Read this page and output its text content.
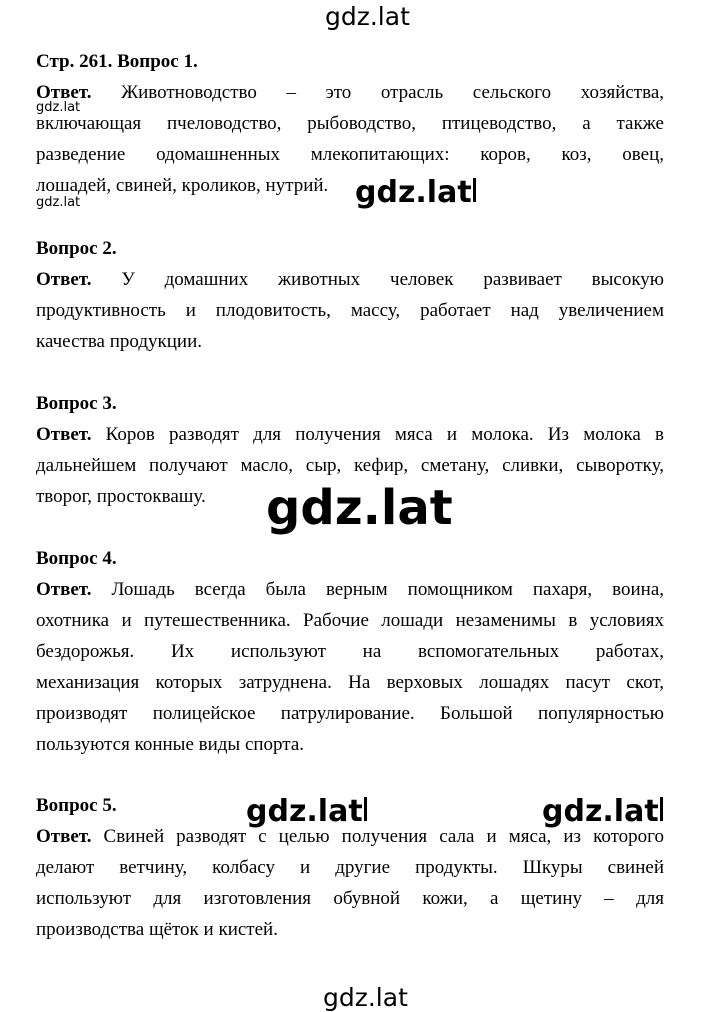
Стр. 261. Вопрос 1.
Ответ. Животноводство – это отрасль сельского хозяйства,
включающая пчеловодство, рыбоводство, птицеводство, а также
разведение одомашненных млекопитающих: коров, коз, овец,
лошадей, свиней, кроликов, нутрий.
Вопрос 2.
Ответ. У домашних животных человек развивает высокую
продуктивность и плодовитость, массу, работает над увеличением
качества продукции.
Вопрос 3.
Ответ. Коров разводят для получения мяса и молока. Из молока в
дальнейшем получают масло, сыр, кефир, сметану, сливки, сыворотку,
творог, простоквашу.
Вопрос 4.
Ответ. Лошадь всегда была верным помощником пахаря, воина,
охотника и путешественника. Рабочие лошади незаменимы в условиях
бездорожья. Их используют на вспомогательных работах,
механизация которых затруднена. На верховых лошадях пасут скот,
производят полицейское патрулирование. Большой популярностью
пользуются конные виды спорта.
Вопрос 5.
Ответ. Свиней разводят с целью получения сала и мяса, из которого
делают ветчину, колбасу и другие продукты. Шкуры свиней
используют для изготовления обувной кожи, а щетину – для
производства щёток и кистей.
gdz.lat
gdz.lat
gdz.lat	gdz.lat
gdz.lat
gdz.lat	gdz.lat
gdz.lat
